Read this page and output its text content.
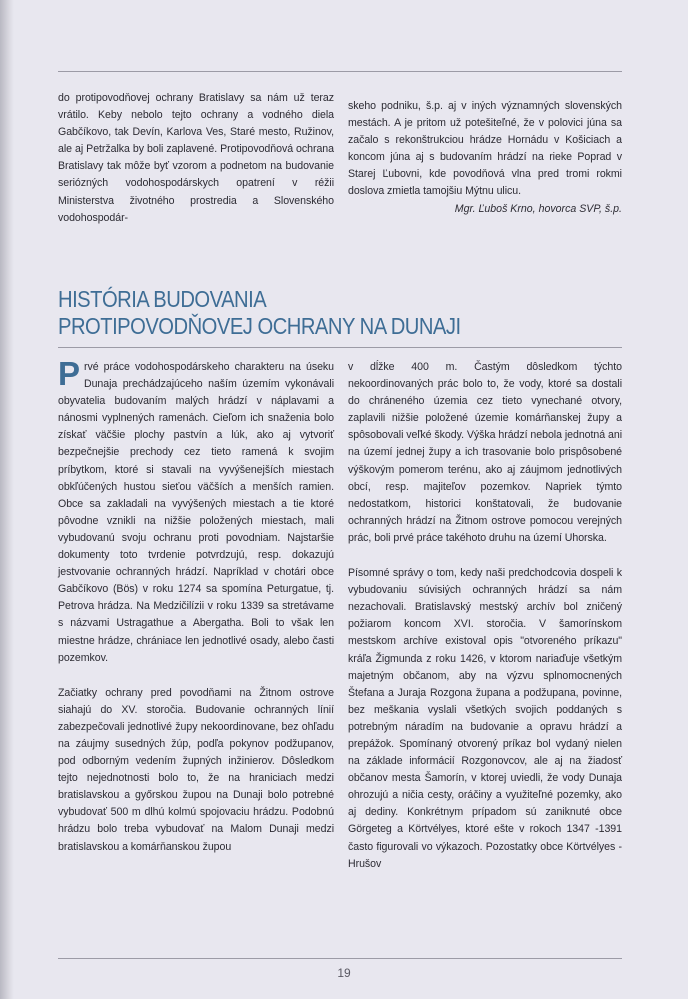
do protipovodňovej ochrany Bratislavy sa nám už teraz vrátilo. Keby nebolo tejto ochrany a vodného diela Gabčíkovo, tak Devín, Karlova Ves, Staré mesto, Ružinov, ale aj Petržalka by boli zaplavené. Protipovodňová ochrana Bratislavy tak môže byť vzorom a podnetom na budovanie seriózných vodohospodárskych opatrení v réžii Ministerstva životného prostredia a Slovenského vodohospodár-

skeho podniku, š.p. aj v iných významných slovenských mestách. A je pritom už potešiteľné, že v polovici júna sa začalo s rekonštrukciou hrádze Hornádu v Košiciach a koncom júna aj s budovaním hrádzí na rieke Poprad v Starej Ľubovni, kde povodňová vlna pred tromi rokmi doslova zmietla tamojšiu Mýtnu ulicu.

Mgr. Ľuboš Krno, hovorca SVP, š.p.
HISTÓRIA BUDOVANIA
PROTIPOVODŇOVEJ OCHRANY NA DUNAJI

Prvé práce vodohospodárskeho charakteru na úseku Dunaja prechádzajúceho naším územím vykonávali obyvatelia budovaním malých hrádzí v náplavami a nánosmi vyplnených ramenách. Cieľom ich snaženia bolo získať väčšie plochy pastvín a lúk, ako aj vytvoriť bezpečnejšie prechody cez tieto ramená k svojim príbytkom, ktoré si stavali na vyvýšenejších miestach obkľúčených hustou sieťou väčších a menších ramien. Obce sa zakladali na vyvýšených miestach a tie ktoré pôvodne vznikli na nižšie položených miestach, mali vybudovanú svoju ochranu proti povodniam. Najstaršie dokumenty toto tvrdenie potvrdzujú, resp. dokazujú jestvovanie ochranných hrádzí. Napríklad v chotári obce Gabčíkovo (Bös) v roku 1274 sa spomína Peturgatue, tj. Petrova hrádza. Na Medzičilízii v roku 1339 sa stretávame s názvami Ustragathue a Abergatha. Boli to však len miestne hrádze, chrániace len jednotlivé osady, alebo časti pozemkov.

Začiatky ochrany pred povodňami na Žitnom ostrove siahajú do XV. storočia. Budovanie ochranných línií zabezpečovali jednotlivé župy nekoordinovane, bez ohľadu na záujmy susedných žúp, podľa pokynov podžupanov, pod odborným vedením župných inžinierov. Dôsledkom tejto nejednotnosti bolo to, že na hraniciach medzi bratislavskou a győrskou župou na Dunaji bolo potrebné vybudovať 500 m dlhú kolmú spojovaciu hrádzu. Podobnú hrádzu bolo treba vybudovať na Malom Dunaji medzi bratislavskou a komárňanskou župou

v dĺžke 400 m. Častým dôsledkom týchto nekoordinovaných prác bolo to, že vody, ktoré sa dostali do chráneného územia cez tieto vynechané otvory, zaplavili nižšie položené územie komárňanskej župy a spôsobovali veľké škody. Výška hrádzí nebola jednotná ani na území jednej župy a ich trasovanie bolo prispôsobené výškovým pomerom terénu, ako aj záujmom jednotlivých obcí, resp. majiteľov pozemkov. Napriek týmto nedostatkom, historici konštatovali, že budovanie ochranných hrádzí na Žitnom ostrove pomocou verejných prác, boli prvé práce takéhoto druhu na území Uhorska.

Písomné správy o tom, kedy naši predchodcovia dospeli k vybudovaniu súvisiých ochranných hrádzí sa nám nezachovali. Bratislavský mestský archív bol zničený požiarom koncom XVI. storočia. V šamorínskom mestskom archíve existoval opis "otvoreného príkazu" kráľa Žigmunda z roku 1426, v ktorom nariaďuje všetkým majetným občanom, aby na výzvu splnomocnených Štefana a Juraja Rozgona župana a podžupana, povinne, bez meškania vyslali všetkých svojich poddaných s potrebným náradím na budovanie a opravu hrádzí a prepážok. Spomínaný otvorený príkaz bol vydaný nielen na základe informácií Rozgonovcov, ale aj na žiadosť občanov mesta Šamorín, v ktorej uviedli, že vody Dunaja ohrozujú a ničia cesty, oráčiny a využiteľné pozemky, ako aj dediny. Konkrétnym prípadom sú zaniknuté obce Görgeteg a Körtvélyes, ktoré ešte v rokoch 1347 -1391 často figurovali vo výkazoch. Pozostatky obce Körtvélyes - Hrušov

19
